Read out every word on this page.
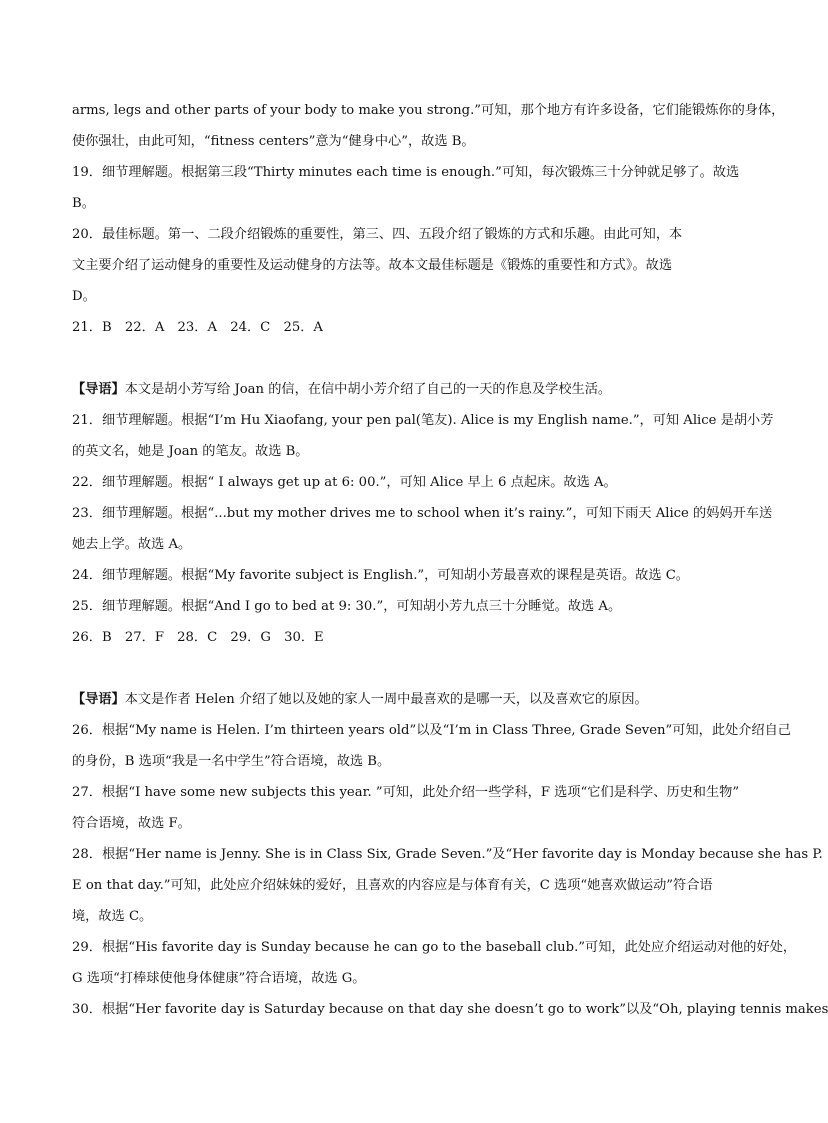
arms, legs and other parts of your body to make you strong.”可知，那个地方有许多设备，它们能锻炼你的身体，
使你强壮，由此可知，“fitness centers”意为“健身中心”，故选 B。
19．细节理解题。根据第三段“Thirty minutes each time is enough.”可知，每次锻炼三十分钟就足够了。故选
B。
20．最佳标题。第一、二段介绍锻炼的重要性，第三、四、五段介绍了锻炼的方式和乐趣。由此可知，本
文主要介绍了运动健身的重要性及运动健身的方法等。故本文最佳标题是《锻炼的重要性和方式》。故选
D。
21．B　22．A　23．A　24．C　25．A
【导语】本文是胡小芳写给 Joan 的信，在信中胡小芳介绍了自己的一天的作息及学校生活。
21．细节理解题。根据“I’m Hu Xiaofang, your pen pal(笔友). Alice is my English name.”，可知 Alice 是胡小芳
的英文名，她是 Joan 的笔友。故选 B。
22．细节理解题。根据“ I always get up at 6: 00.”，可知 Alice 早上 6 点起床。故选 A。
23．细节理解题。根据“...but my mother drives me to school when it’s rainy.”，可知下雨天 Alice 的妈妈开车送
她去上学。故选 A。
24．细节理解题。根据“My favorite subject is English.”，可知胡小芳最喜欢的课程是英语。故选 C。
25．细节理解题。根据“And I go to bed at 9: 30.”，可知胡小芳九点三十分睡觉。故选 A。
26．B　27．F　28．C　29．G　30．E
【导语】本文是作者 Helen 介绍了她以及她的家人一周中最喜欢的是哪一天，以及喜欢它的原因。
26．根据“My name is Helen. I’m thirteen years old”以及“I’m in Class Three, Grade Seven”可知，此处介绍自己
的身份，B 选项“我是一名中学生”符合语境，故选 B。
27．根据“I have some new subjects this year. ”可知，此处介绍一些学科，F 选项“它们是科学、历史和生物”
符合语境，故选 F。
28．根据“Her name is Jenny. She is in Class Six, Grade Seven.”及“Her favorite day is Monday because she has P.
E on that day.”可知，此处应介绍妹妹的爱好，且喜欢的内容应是与体育有关，C 选项“她喜欢做运动”符合语
境，故选 C。
29．根据“His favorite day is Sunday because he can go to the baseball club.”可知，此处应介绍运动对他的好处，
G 选项“打棒球使他身体健康”符合语境，故选 G。
30．根据“Her favorite day is Saturday because on that day she doesn’t go to work”以及“Oh, playing tennis makes
